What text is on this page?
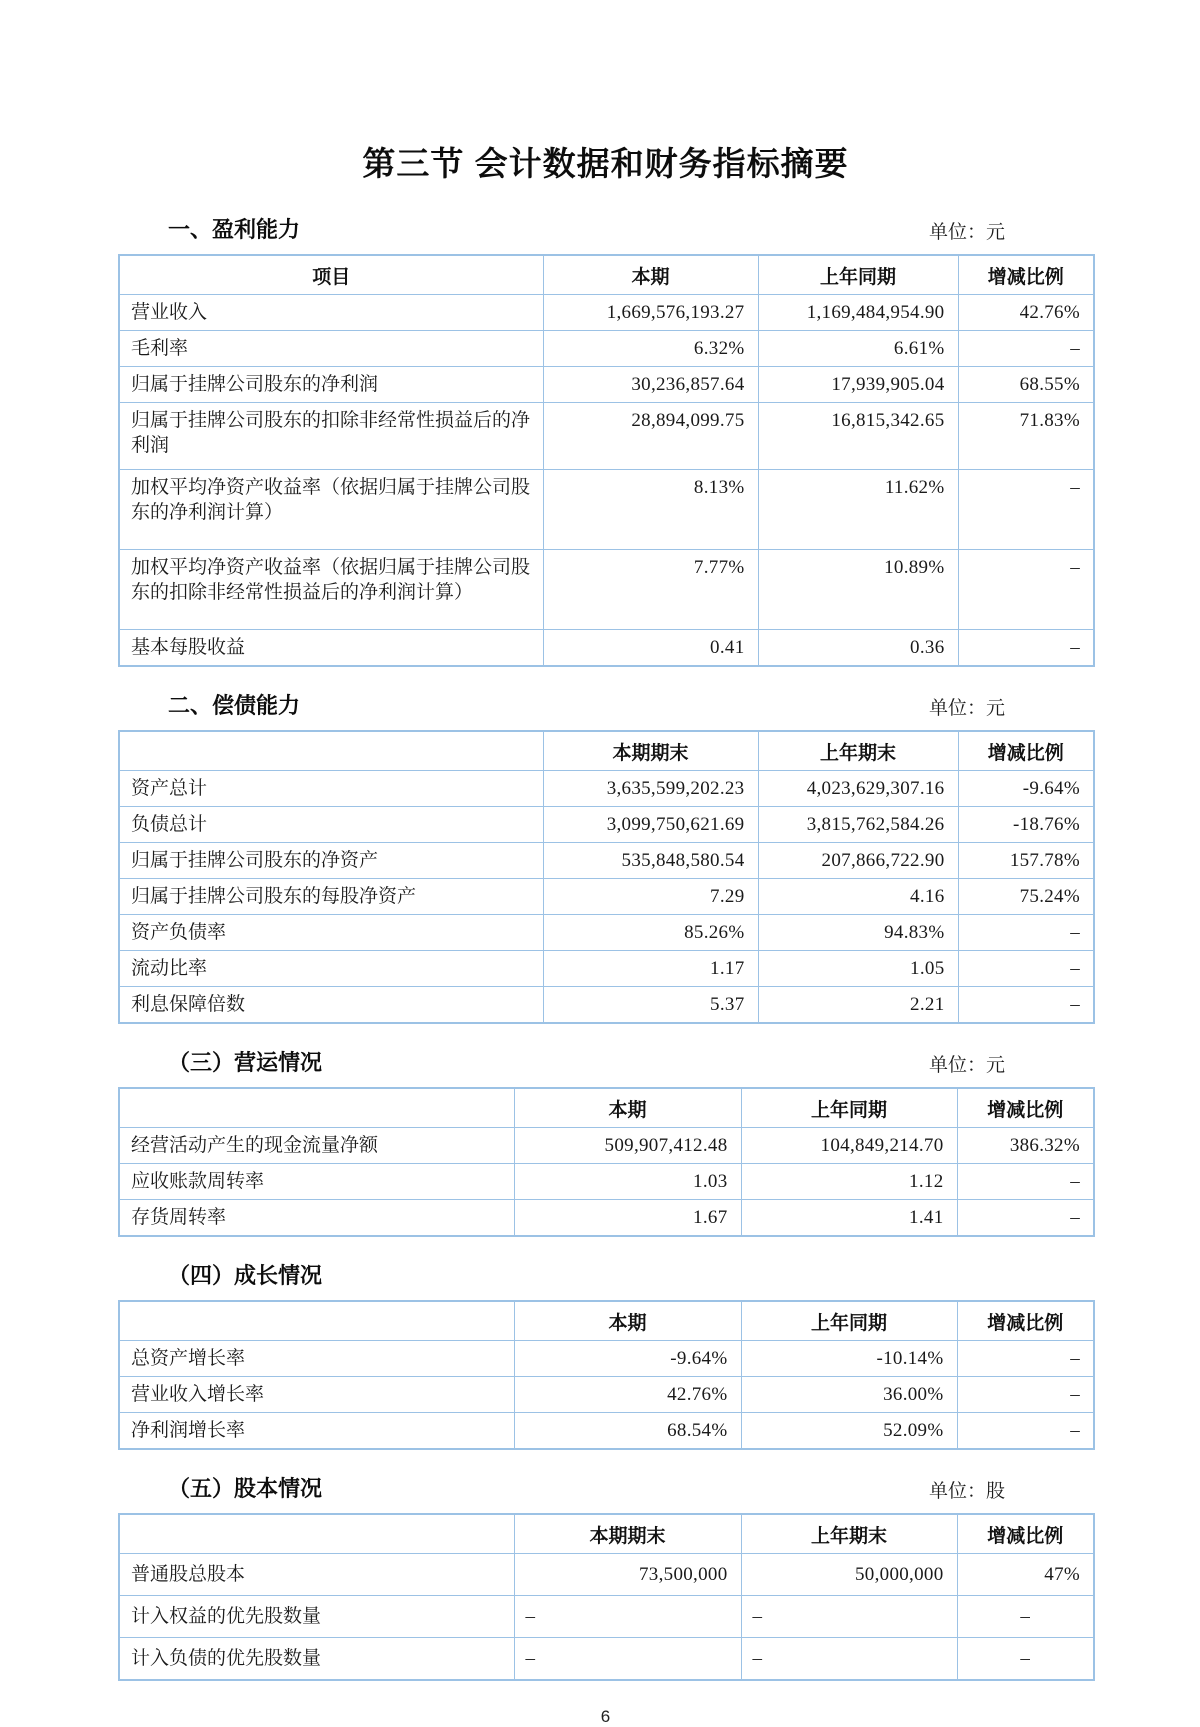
第三节 会计数据和财务指标摘要
一、盈利能力	单位：元
项目	本期	上年同期	增减比例
营业收入	1,669,576,193.27	1,169,484,954.90	42.76%
毛利率	6.32%	6.61%	–
归属于挂牌公司股东的净利润	30,236,857.64	17,939,905.04	68.55%
归属于挂牌公司股东的扣除非经常性损益后的净利润	28,894,099.75	16,815,342.65	71.83%
加权平均净资产收益率（依据归属于挂牌公司股东的净利润计算）	8.13%	11.62%	–
加权平均净资产收益率（依据归属于挂牌公司股东的扣除非经常性损益后的净利润计算）	7.77%	10.89%	–
基本每股收益	0.41	0.36	–
二、偿债能力	单位：元
	本期期末	上年期末	增减比例
资产总计	3,635,599,202.23	4,023,629,307.16	-9.64%
负债总计	3,099,750,621.69	3,815,762,584.26	-18.76%
归属于挂牌公司股东的净资产	535,848,580.54	207,866,722.90	157.78%
归属于挂牌公司股东的每股净资产	7.29	4.16	75.24%
资产负债率	85.26%	94.83%	–
流动比率	1.17	1.05	–
利息保障倍数	5.37	2.21	–
（三）营运情况	单位：元
	本期	上年同期	增减比例
经营活动产生的现金流量净额	509,907,412.48	104,849,214.70	386.32%
应收账款周转率	1.03	1.12	–
存货周转率	1.67	1.41	–
（四）成长情况
	本期	上年同期	增减比例
总资产增长率	-9.64%	-10.14%	–
营业收入增长率	42.76%	36.00%	–
净利润增长率	68.54%	52.09%	–
（五）股本情况	单位：股
	本期期末	上年期末	增减比例
普通股总股本	73,500,000	50,000,000	47%
计入权益的优先股数量	–	–	–
计入负债的优先股数量	–	–	–
6
